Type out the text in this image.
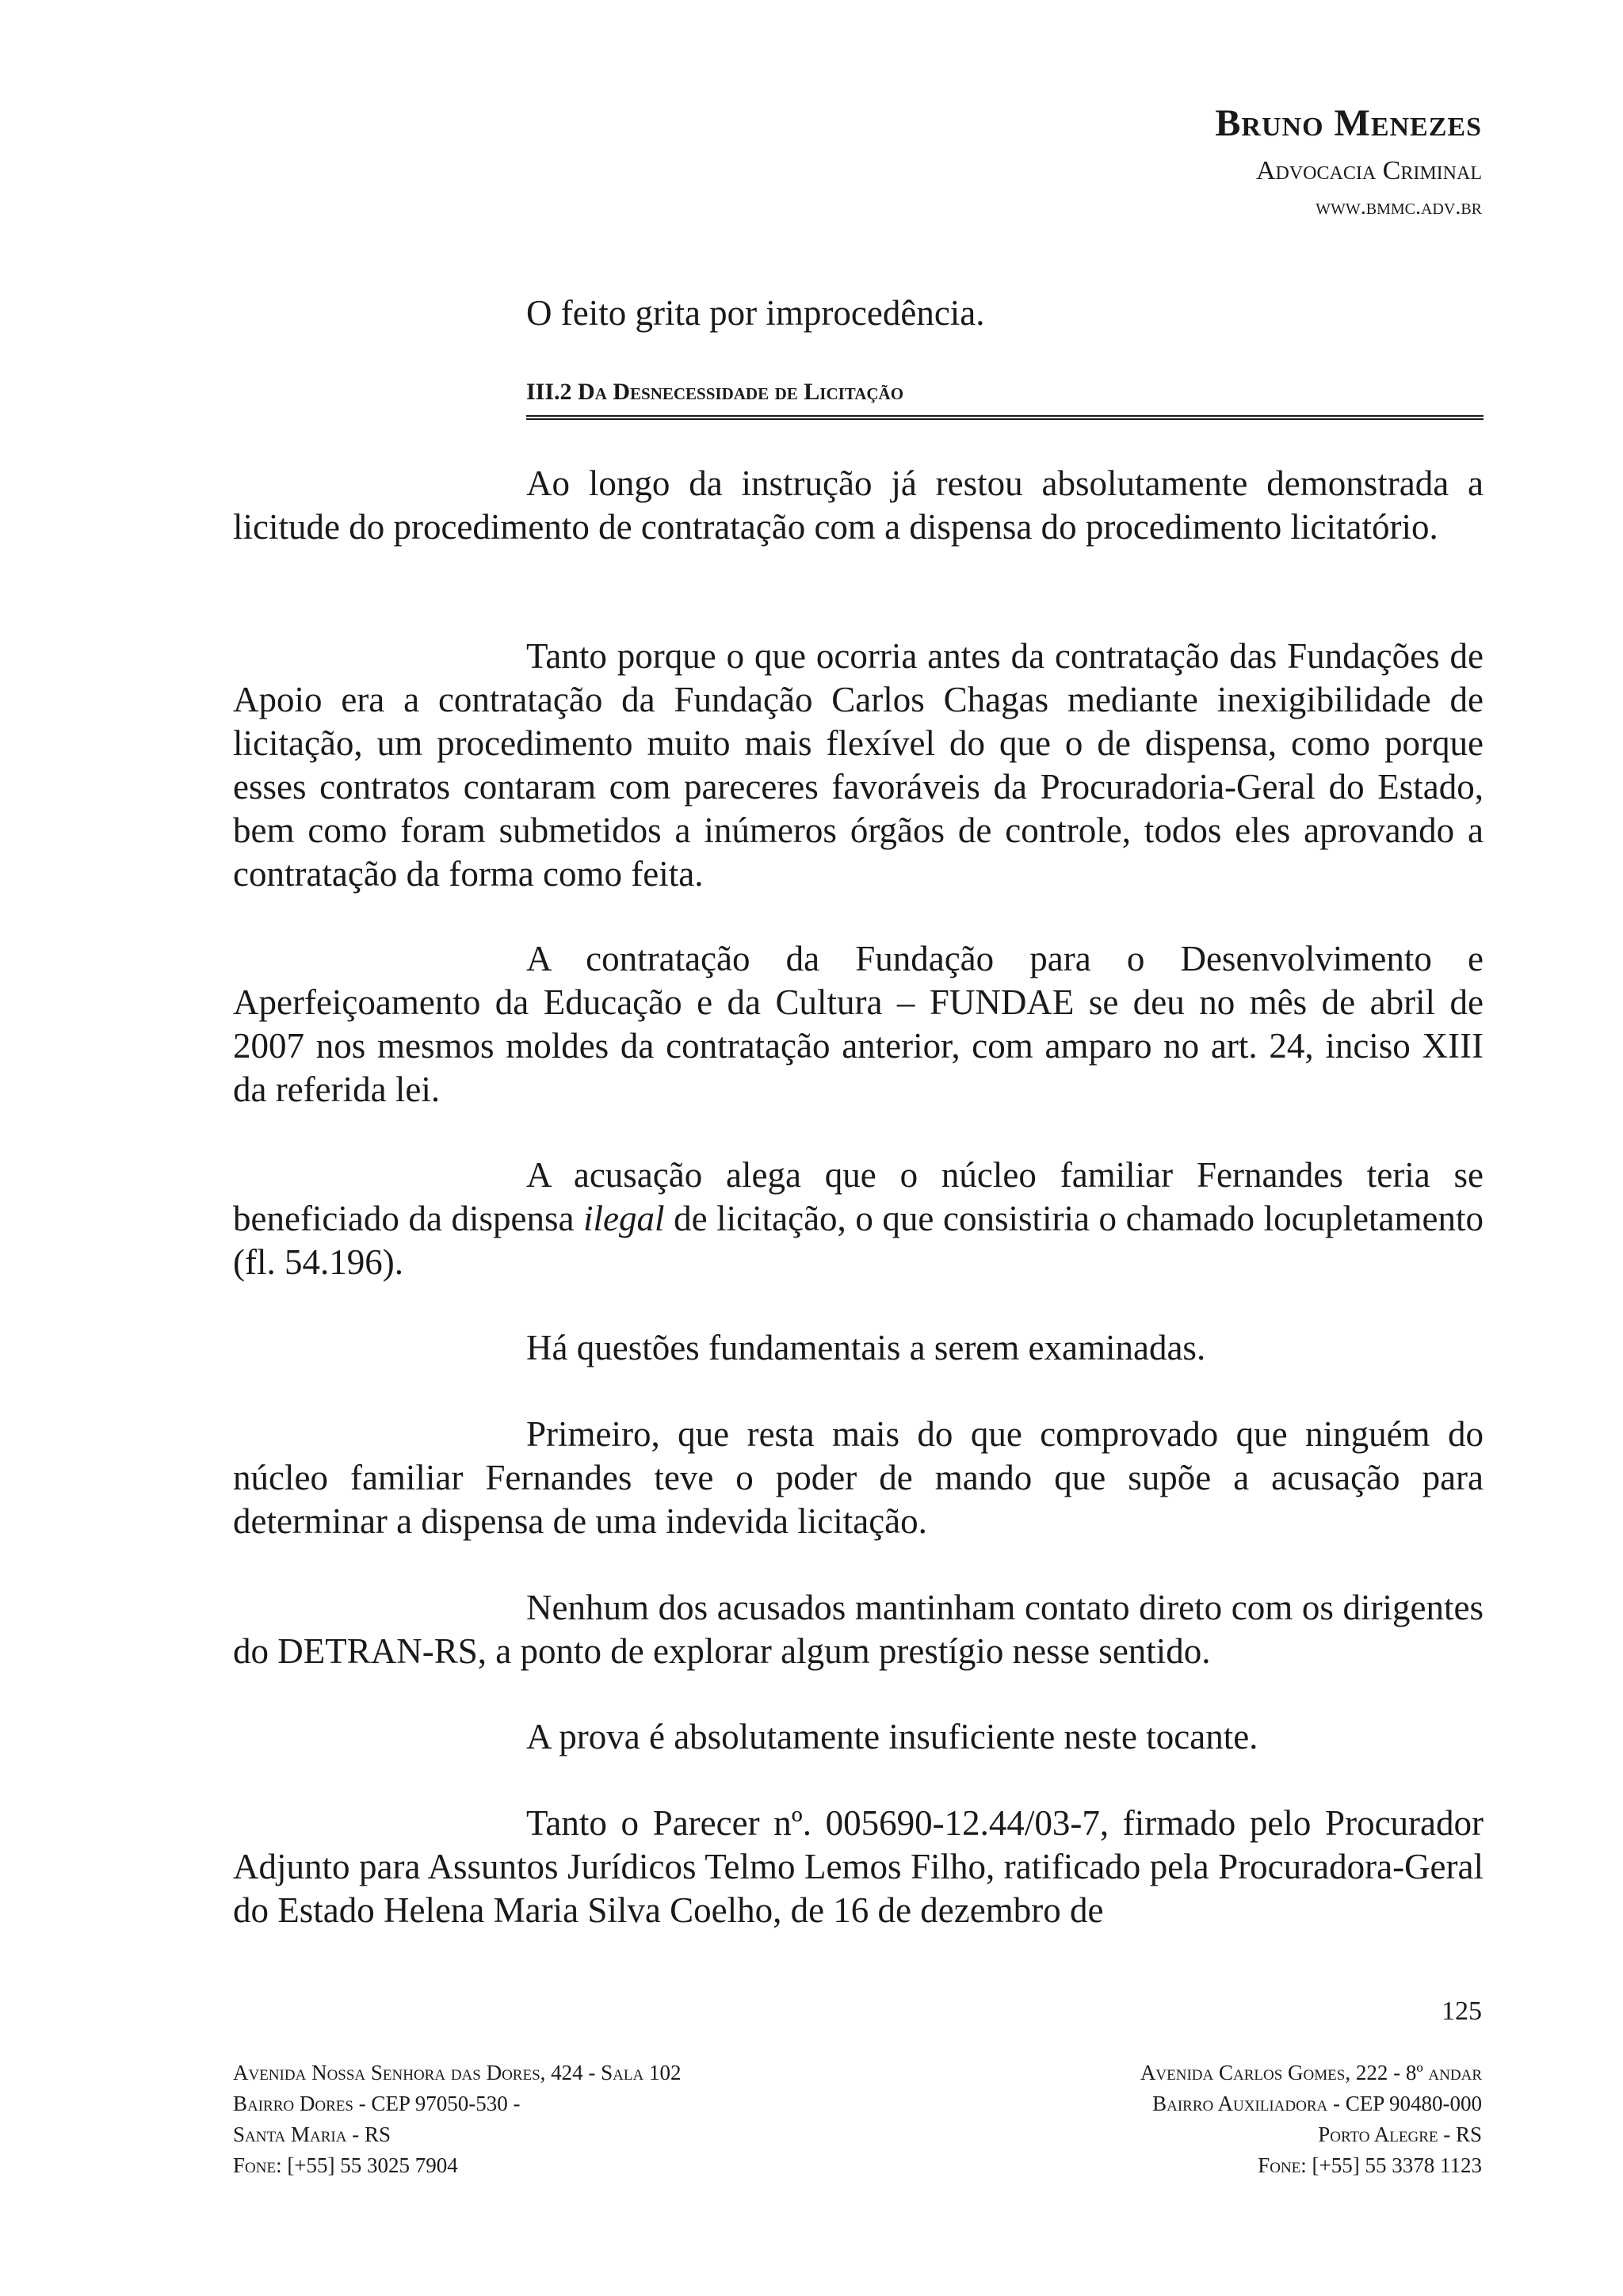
Bruno Menezes
Advocacia Criminal
www.bmmc.adv.br

O feito grita por improcedência.

III.2 Da Desnecessidade de Licitação

Ao longo da instrução já restou absolutamente demonstrada a licitude do procedimento de contratação com a dispensa do procedimento licitatório.

Tanto porque o que ocorria antes da contratação das Fundações de Apoio era a contratação da Fundação Carlos Chagas mediante inexigibilidade de licitação, um procedimento muito mais flexível do que o de dispensa, como porque esses contratos contaram com pareceres favoráveis da Procuradoria-Geral do Estado, bem como foram submetidos a inúmeros órgãos de controle, todos eles aprovando a contratação da forma como feita.

A contratação da Fundação para o Desenvolvimento e Aperfeiçoamento da Educação e da Cultura – FUNDAE se deu no mês de abril de 2007 nos mesmos moldes da contratação anterior, com amparo no art. 24, inciso XIII da referida lei.

A acusação alega que o núcleo familiar Fernandes teria se beneficiado da dispensa ilegal de licitação, o que consistiria o chamado locupletamento (fl. 54.196).

Há questões fundamentais a serem examinadas.

Primeiro, que resta mais do que comprovado que ninguém do núcleo familiar Fernandes teve o poder de mando que supõe a acusação para determinar a dispensa de uma indevida licitação.

Nenhum dos acusados mantinham contato direto com os dirigentes do DETRAN-RS, a ponto de explorar algum prestígio nesse sentido.

A prova é absolutamente insuficiente neste tocante.

Tanto o Parecer nº. 005690-12.44/03-7, firmado pelo Procurador Adjunto para Assuntos Jurídicos Telmo Lemos Filho, ratificado pela Procuradora-Geral do Estado Helena Maria Silva Coelho, de 16 de dezembro de

125
Avenida Nossa Senhora das Dores, 424 - Sala 102
Bairro Dores - CEP 97050-530 -
Santa Maria - RS
Fone: [+55] 55 3025 7904
Avenida Carlos Gomes, 222 - 8º andar
Bairro Auxiliadora - CEP 90480-000
Porto Alegre - RS
Fone: [+55] 55 3378 1123
